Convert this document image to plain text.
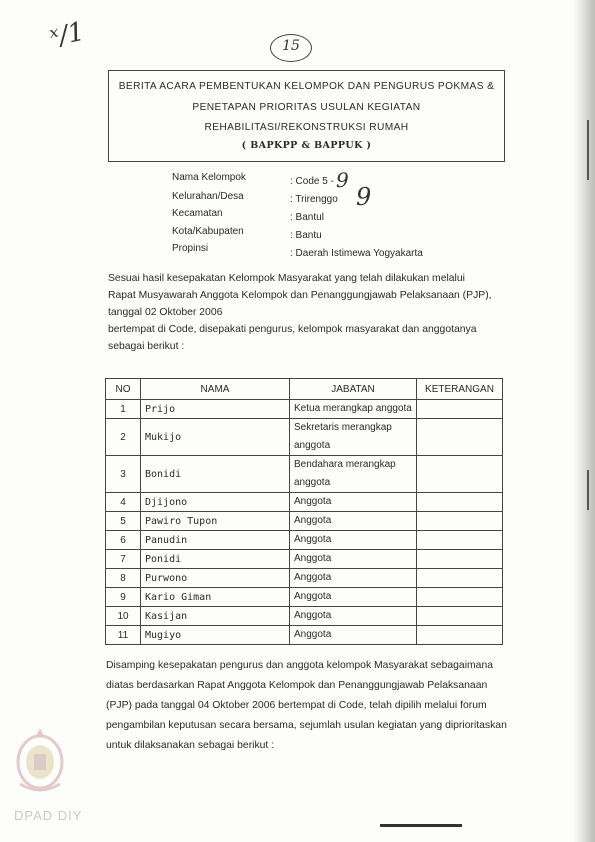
ˣ/1	15
BERITA ACARA PEMBENTUKAN KELOMPOK DAN PENGURUS POKMAS &
PENETAPAN PRIORITAS USULAN KEGIATAN
REHABILITASI/REKONSTRUKSI RUMAH
( BAPKPP & BAPPUK )
Nama Kelompok	: Code 5 - 9
Kelurahan/Desa	: Trirenggo 9
Kecamatan	: Bantul
Kota/Kabupaten	: Bantu
Propinsi	: Daerah Istimewa Yogyakarta
Sesuai hasil kesepakatan Kelompok Masyarakat yang telah dilakukan melalui
Rapat Musyawarah Anggota Kelompok dan Penanggungjawab Pelaksanaan (PJP),
tanggal 02 Oktober 2006
bertempat di Code, disepakati pengurus, kelompok masyarakat dan anggotanya
sebagai berikut :
NO	NAMA	JABATAN	KETERANGAN
1	Prijo	Ketua merangkap anggota	
2	Mukijo	Sekretaris merangkap anggota	
3	Bonidi	Bendahara merangkap anggota	
4	Djijono	Anggota	
5	Pawiro Tupon	Anggota	
6	Panudin	Anggota	
7	Ponidi	Anggota	
8	Purwono	Anggota	
9	Kario Giman	Anggota	
10	Kasijan	Anggota	
11	Mugiyo	Anggota	
Disamping kesepakatan pengurus dan anggota kelompok Masyarakat sebagaimana
diatas berdasarkan Rapat Anggota Kelompok dan Penanggungjawab Pelaksanaan
(PJP) pada tanggal 04 Oktober 2006 bertempat di Code, telah dipilih melalui forum
pengambilan keputusan secara bersama, sejumlah usulan kegiatan yang diprioritaskan
untuk dilaksanakan sebagai berikut :
DPAD DIY
